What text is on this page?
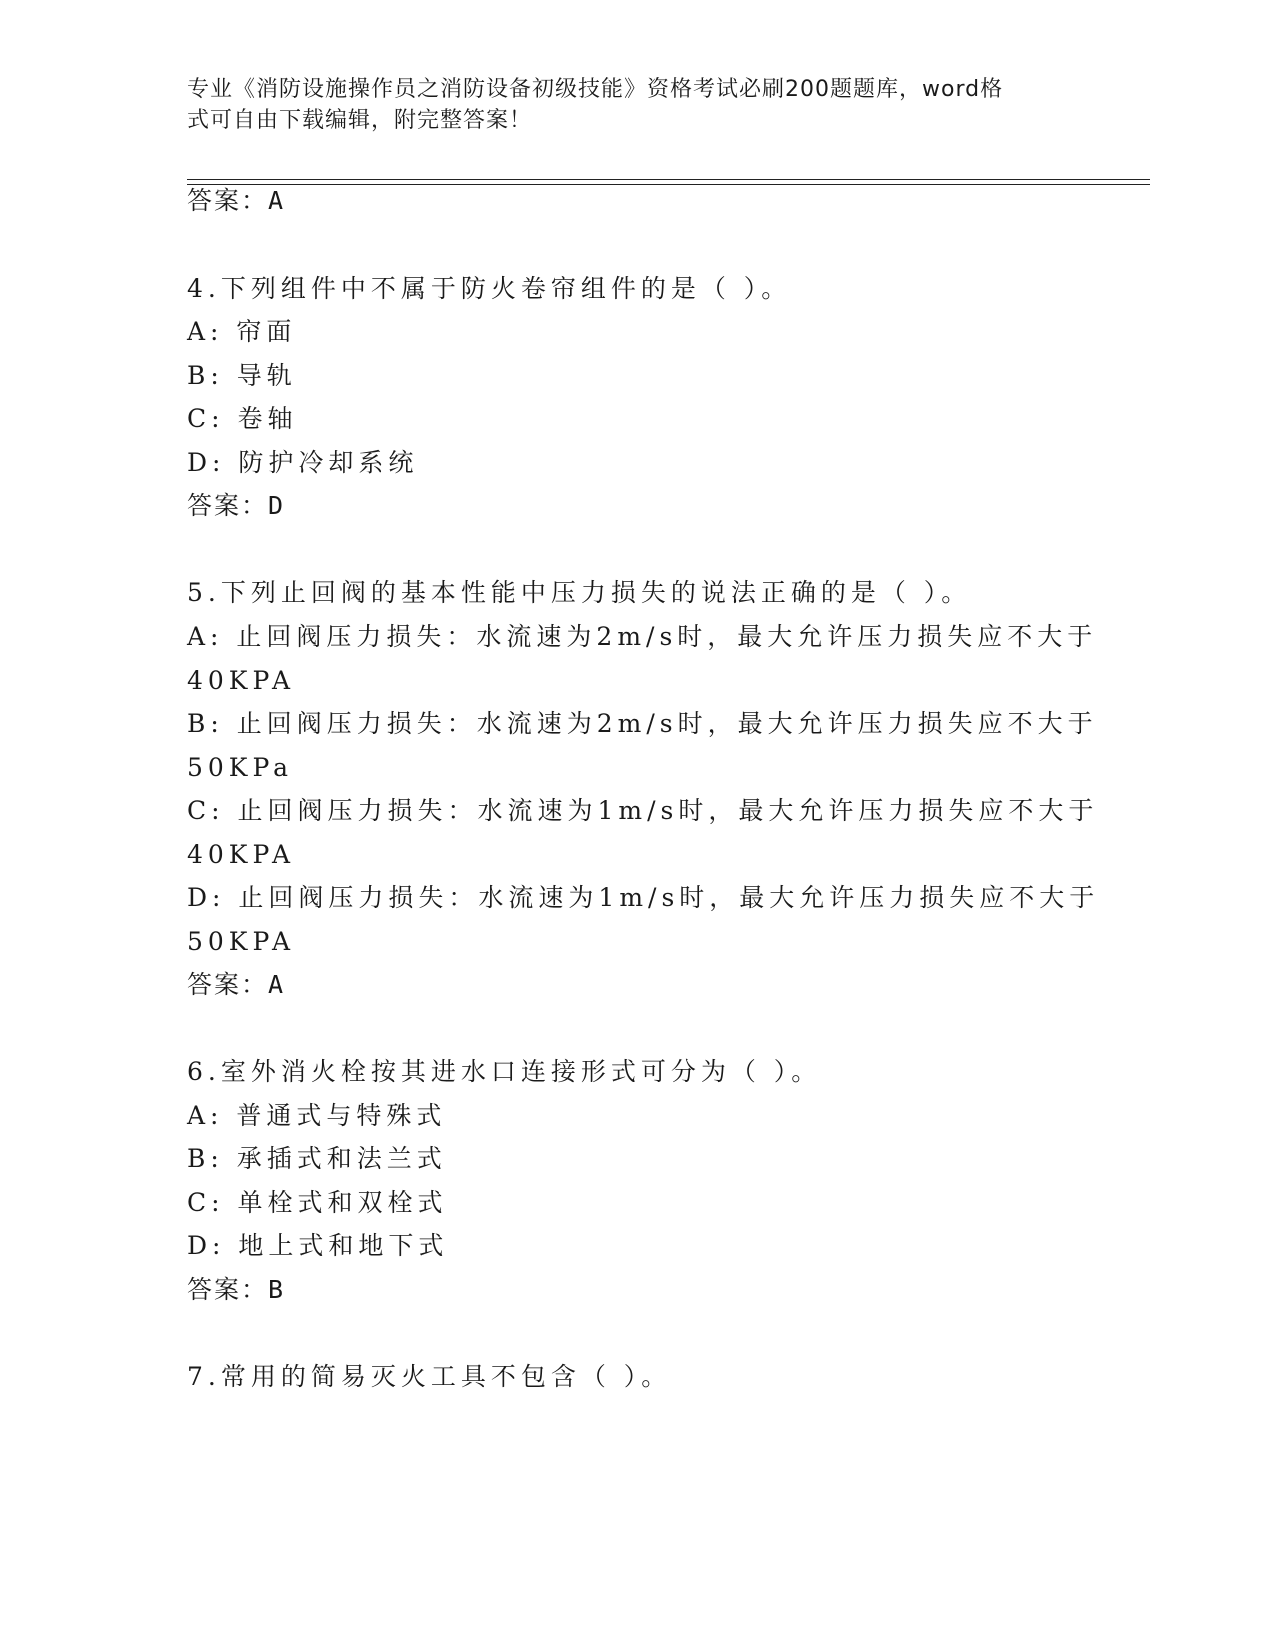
专业《消防设施操作员之消防设备初级技能》资格考试必刷200题题库，word格
式可自由下载编辑，附完整答案！
答案：A
4.下列组件中不属于防火卷帘组件的是（ ）。
A: 帘面
B: 导轨
C: 卷轴
D: 防护冷却系统
答案：D
5.下列止回阀的基本性能中压力损失的说法正确的是（ ）。
A: 止回阀压力损失：水流速为2m/s时，最大允许压力损失应不大于
40KPA
B: 止回阀压力损失：水流速为2m/s时，最大允许压力损失应不大于
50KPa
C: 止回阀压力损失：水流速为1m/s时，最大允许压力损失应不大于
40KPA
D: 止回阀压力损失：水流速为1m/s时，最大允许压力损失应不大于
50KPA
答案：A
6.室外消火栓按其进水口连接形式可分为（ ）。
A: 普通式与特殊式
B: 承插式和法兰式
C: 单栓式和双栓式
D: 地上式和地下式
答案：B
7.常用的简易灭火工具不包含（ ）。
